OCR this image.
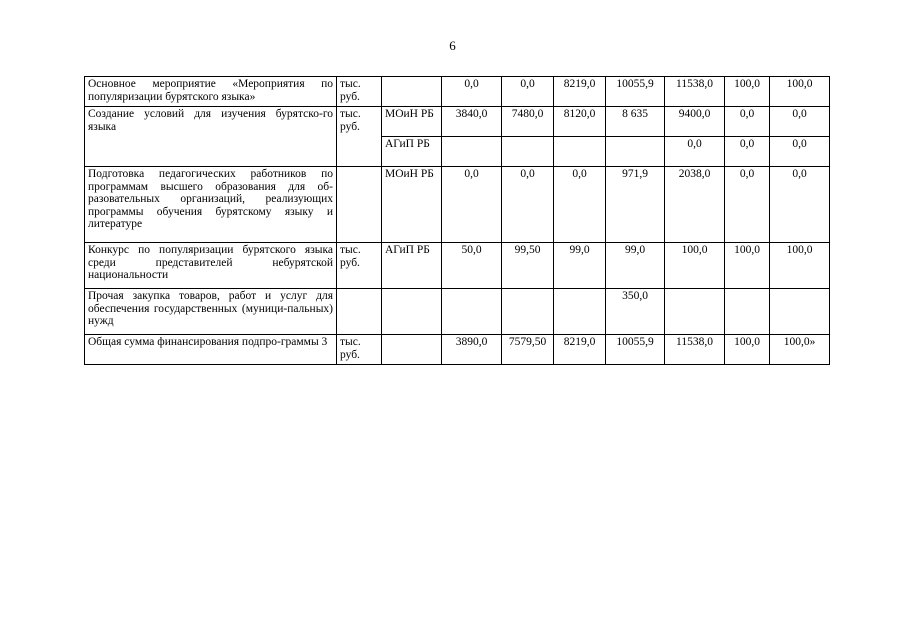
6
Основное мероприятие «Мероприятия по популяризации бурятского языка»	тыс. руб.		0,0	0,0	8219,0	10055,9	11538,0	100,0	100,0
Создание условий для изучения бурятско-го языка	тыс. руб.	МОиН РБ	3840,0	7480,0	8120,0	8 635	9400,0	0,0	0,0
		АГиП РБ					0,0	0,0	0,0
Подготовка педагогических работников по программам высшего образования для об-разовательных организаций, реализующих программы обучения бурятскому языку и литературе		МОиН РБ	0,0	0,0	0,0	971,9	2038,0	0,0	0,0
Конкурс по популяризации бурятского языка среди представителей небурятской национальности	тыс. руб.	АГиП РБ	50,0	99,50	99,0	99,0	100,0	100,0	100,0
Прочая закупка товаров, работ и услуг для обеспечения государственных (муници-пальных) нужд						350,0			
Общая сумма финансирования подпро-граммы 3	тыс. руб.		3890,0	7579,50	8219,0	10055,9	11538,0	100,0	100,0»
